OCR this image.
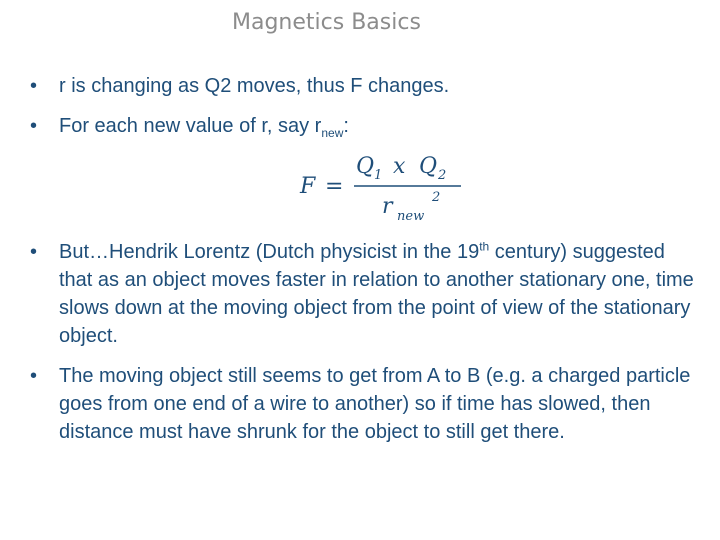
Magnetics Basics
• r is changing as Q2 moves, thus F changes.
• For each new value of r, say $r_{new}$:
F =
Q 1 x Q 2
r new
2
• But…Hendrik Lorentz (Dutch physicist in the 19th century) suggested that as an object moves faster in relation to another stationary one, time slows down at the moving object from the point of view of the stationary object.
• The moving object still seems to get from A to B (e.g. a charged particle goes from one end of a wire to another) so if time has slowed, then distance must have shrunk for the object to still get there.
